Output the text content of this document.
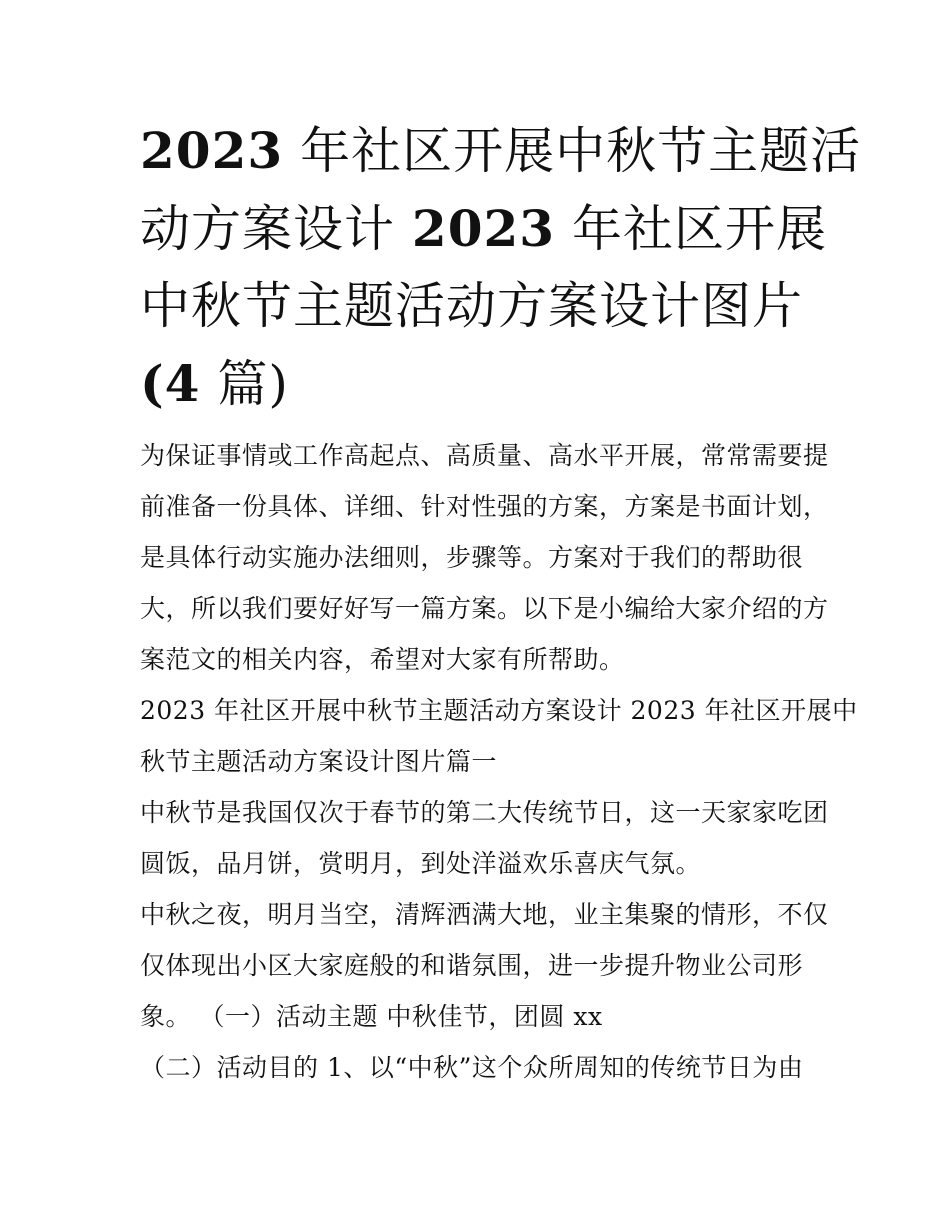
2023 年社区开展中秋节主题活
动方案设计 2023 年社区开展
中秋节主题活动方案设计图片
(4 篇)
为保证事情或工作高起点、高质量、高水平开展，常常需要提
前准备一份具体、详细、针对性强的方案，方案是书面计划，
是具体行动实施办法细则，步骤等。方案对于我们的帮助很
大，所以我们要好好写一篇方案。以下是小编给大家介绍的方
案范文的相关内容，希望对大家有所帮助。
2023 年社区开展中秋节主题活动方案设计 2023 年社区开展中
秋节主题活动方案设计图片篇一
中秋节是我国仅次于春节的第二大传统节日，这一天家家吃团
圆饭，品月饼，赏明月，到处洋溢欢乐喜庆气氛。
中秋之夜，明月当空，清辉洒满大地，业主集聚的情形，不仅
仅体现出小区大家庭般的和谐氛围，进一步提升物业公司形
象。 （一）活动主题 中秋佳节，团圆 xx
（二）活动目的 1、以“中秋”这个众所周知的传统节日为由
